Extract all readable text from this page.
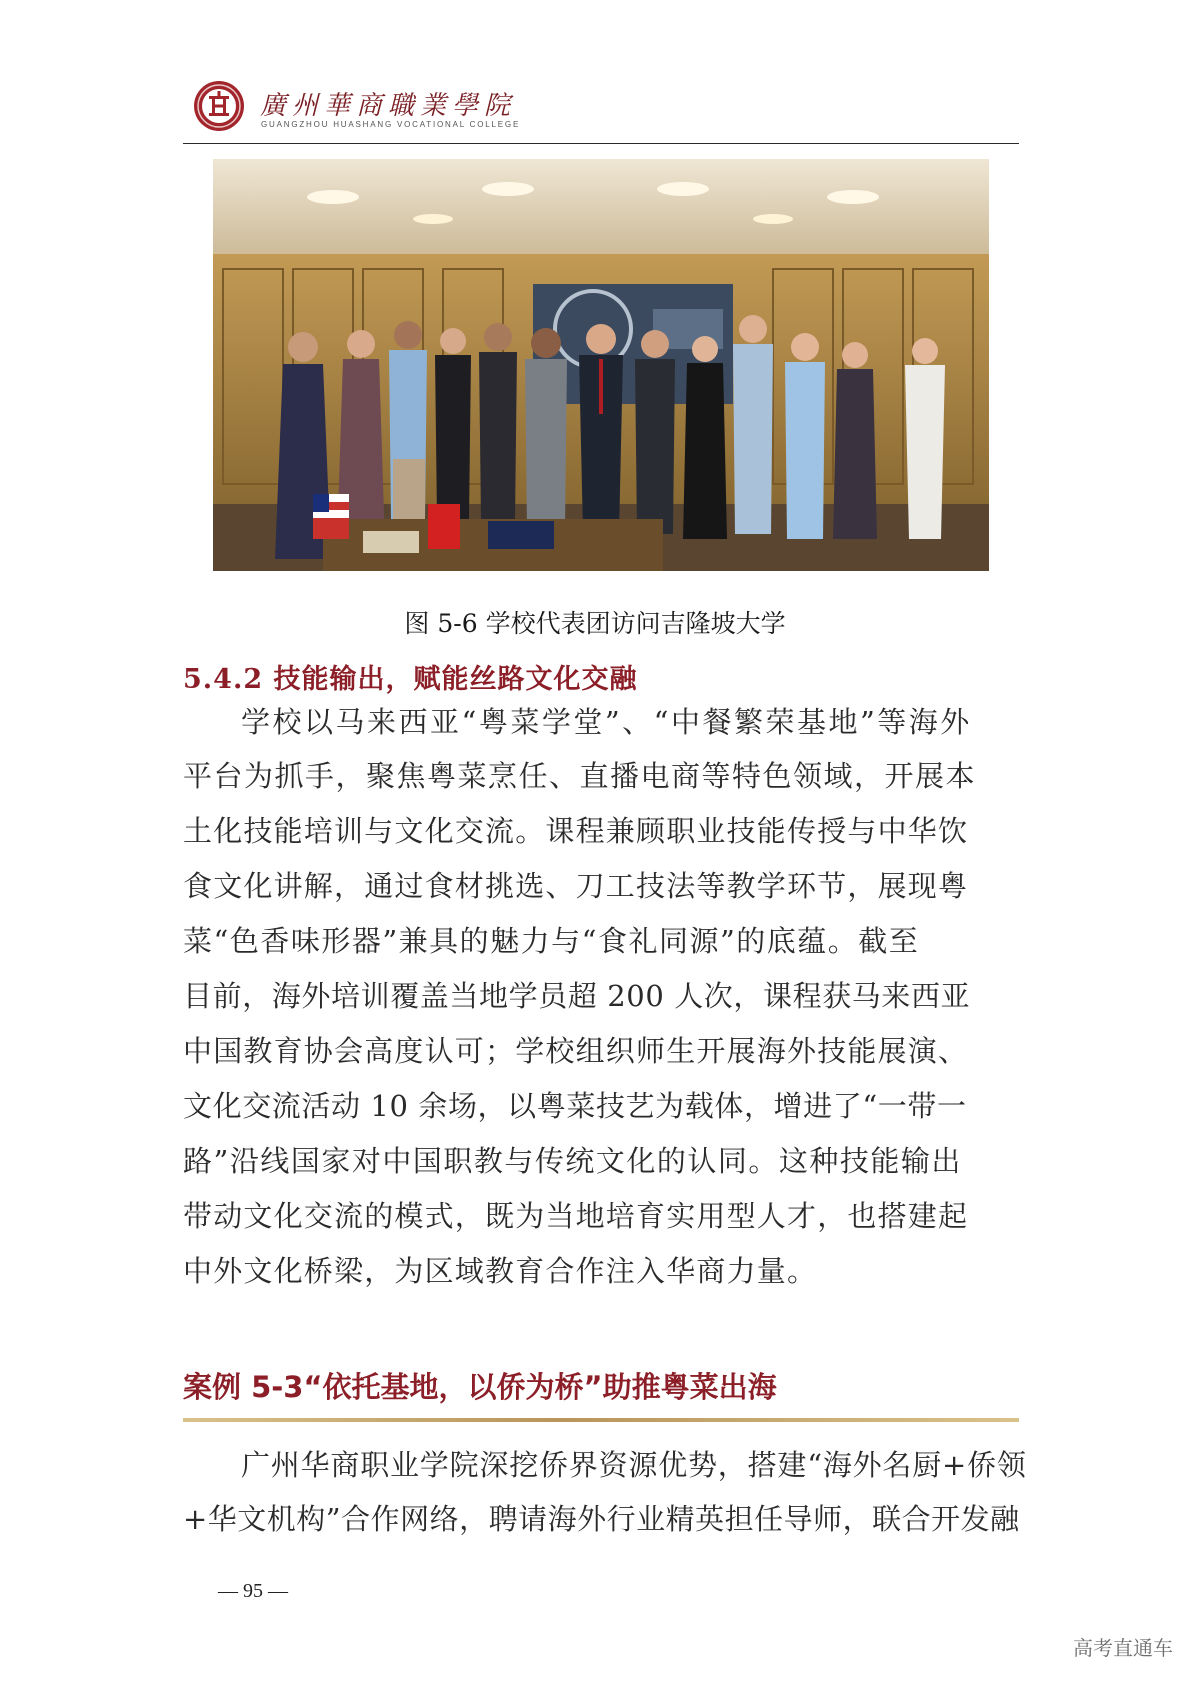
廣州華商職業學院
GUANGZHOU HUASHANG VOCATIONAL COLLEGE
图 5-6 学校代表团访问吉隆坡大学
5.4.2 技能输出，赋能丝路文化交融
学校以马来西亚“粤菜学堂”、“中餐繁荣基地”等海外
平台为抓手，聚焦粤菜烹任、直播电商等特色领域，开展本
土化技能培训与文化交流。课程兼顾职业技能传授与中华饮
食文化讲解，通过食材挑选、刀工技法等教学环节，展现粤
菜“色香味形器”兼具的魅力与“食礼同源”的底蕴。截至
目前，海外培训覆盖当地学员超 200 人次，课程获马来西亚
中国教育协会高度认可；学校组织师生开展海外技能展演、
文化交流活动 10 余场，以粤菜技艺为载体，增进了“一带一
路”沿线国家对中国职教与传统文化的认同。这种技能输出
带动文化交流的模式，既为当地培育实用型人才，也搭建起
中外文化桥梁，为区域教育合作注入华商力量。
案例 5-3“依托基地，以侨为桥”助推粤菜出海
广州华商职业学院深挖侨界资源优势，搭建“海外名厨+侨领
+华文机构”合作网络，聘请海外行业精英担任导师，联合开发融
— 95 —
高考直通车
